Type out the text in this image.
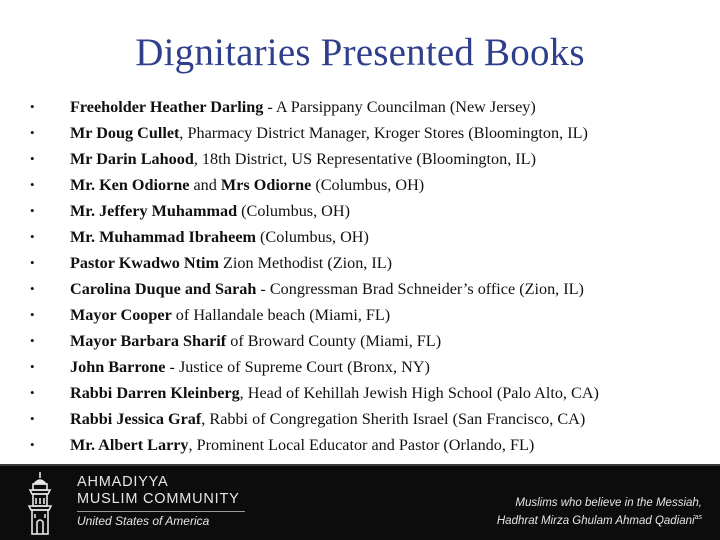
Dignitaries Presented Books
•	Freeholder Heather Darling - A Parsippany Councilman (New Jersey)
•	Mr Doug Cullet, Pharmacy District Manager, Kroger Stores (Bloomington, IL)
•	Mr Darin Lahood, 18th District, US Representative (Bloomington, IL)
•	Mr. Ken Odiorne and Mrs Odiorne (Columbus, OH)
•	Mr. Jeffery Muhammad (Columbus, OH)
•	Mr. Muhammad Ibraheem (Columbus, OH)
•	Pastor Kwadwo Ntim Zion Methodist (Zion, IL)
•	Carolina Duque and Sarah - Congressman Brad Schneider’s office (Zion, IL)
•	Mayor Cooper of Hallandale beach (Miami, FL)
•	Mayor Barbara Sharif of Broward County (Miami, FL)
•	John Barrone - Justice of Supreme Court (Bronx, NY)
•	Rabbi Darren Kleinberg, Head of Kehillah Jewish High School (Palo Alto, CA)
•	Rabbi Jessica Graf, Rabbi of Congregation Sherith Israel (San Francisco, CA)
•	Mr. Albert Larry, Prominent Local Educator and Pastor (Orlando, FL)
AHMADIYYA
MUSLIM COMMUNITY
United States of America
Muslims who believe in the Messiah,
Hadhrat Mirza Ghulam Ahmad Qadiani$^{as}$
